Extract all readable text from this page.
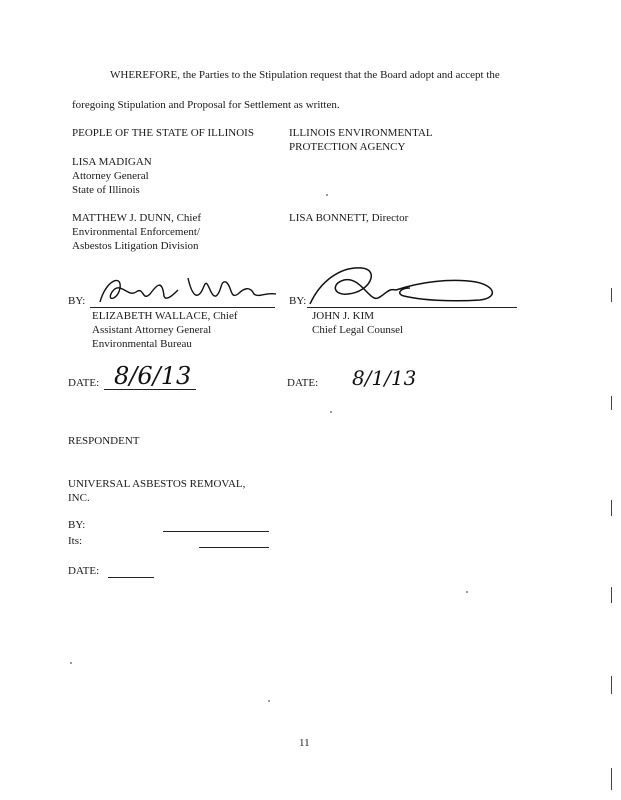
WHEREFORE, the Parties to the Stipulation request that the Board adopt and accept the
foregoing Stipulation and Proposal for Settlement as written.
PEOPLE OF THE STATE OF ILLINOIS
LISA MADIGAN
Attorney General
State of Illinois
MATTHEW J. DUNN, Chief
Environmental Enforcement/
Asbestos Litigation Division
ILLINOIS ENVIRONMENTAL
PROTECTION AGENCY
LISA BONNETT, Director
BY:
ELIZABETH WALLACE, Chief
Assistant Attorney General
Environmental Bureau
BY:
JOHN J. KIM
Chief Legal Counsel
DATE: 8/6/13	DATE: 8/1/13
RESPONDENT
UNIVERSAL ASBESTOS REMOVAL,
INC.
BY:
Its:
DATE:
11
